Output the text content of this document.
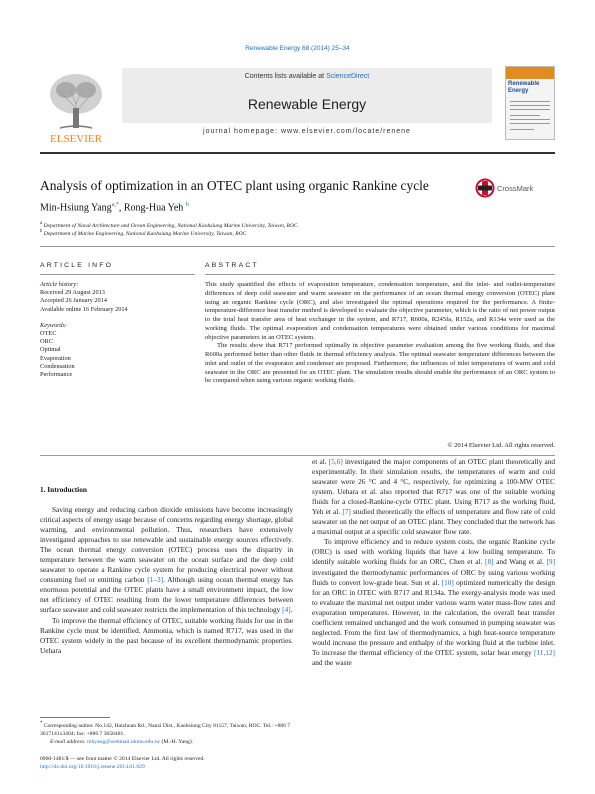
Renewable Energy 68 (2014) 25–34
ELSEVIER
Contents lists available at ScienceDirect
Renewable Energy
journal homepage: www.elsevier.com/locate/renene
Renewable Energy
Analysis of optimization in an OTEC plant using organic Rankine cycle	CrossMark
Min-Hsiung Yang$^{a,*}$, Rong-Hua Yeh $^b$
$^a$ Department of Naval Architecture and Ocean Engineering, National Kaohsiung Marine University, Taiwan, ROC
$^b$ Department of Marine Engineering, National Kaohsiung Marine University, Taiwan, ROC
ARTICLE INFO	ABSTRACT
Article history:
Received 29 August 2013
Accepted 26 January 2014
Available online 16 February 2014
Keywords:
OTEC
ORC
Optimal
Evaporation
Condensation
Performance

This study quantified the effects of evaporation temperature, condensation temperature, and the inlet- and outlet-temperature differences of deep cold seawater and warm seawater on the performance of an ocean thermal energy conversion (OTEC) plant using an organic Rankine cycle (ORC), and also investigated the optimal operations required for the performance. A finite-temperature-difference heat transfer method is developed to evaluate the objective parameter, which is the ratio of net power output to the total heat transfer area of heat exchanger in the system, and R717, R600a, R245fa, R152a, and R134a were used as the working fluids. The optimal evaporation and condensation temperatures were obtained under various conditions for maximal objective parameters in an OTEC system.

The results show that R717 performed optimally in objective parameter evaluation among the five working fluids, and that R600a performed better than other fluids in thermal efficiency analysis. The optimal seawater temperature differences between the inlet and outlet of the evaporator and condenser are proposed. Furthermore, the influences of inlet temperatures of warm and cold seawater in the ORC are presented for an OTEC plant. The simulation results should enable the performance of an ORC system to be compared when using various organic working fluids.

© 2014 Elsevier Ltd. All rights reserved.
1. Introduction

Saving energy and reducing carbon dioxide emissions have become increasingly critical aspects of energy usage because of concerns regarding energy shortage, global warming, and environmental pollution. Thus, researchers have extensively investigated approaches to use renewable and sustainable energy sources effectively. The ocean thermal energy conversion (OTEC) process uses the disparity in temperature between the warm seawater on the ocean surface and the deep cold seawater to operate a Rankine cycle system for producing electrical power without consuming fuel or emitting carbon [1–3]. Although using ocean thermal energy has enormous potential and the OTEC plants have a small environment impact, the low net efficiency of OTEC resulting from the lower temperature differences between surface seawater and cold seawater restricts the implementation of this technology [4].

To improve the thermal efficiency of OTEC, suitable working fluids for use in the Rankine cycle must be identified. Ammonia, which is named R717, was used in the OTEC system widely in the past because of its excellent thermodynamic properties. Uehara

et al. [5,6] investigated the major components of an OTEC plant theoretically and experimentally. In their simulation results, the temperatures of warm and cold seawater were 26 °C and 4 °C, respectively, for optimizing a 100-MW OTEC system. Uehara et al. also reported that R717 was one of the suitable working fluids for a closed-Rankine-cycle OTEC plant. Using R717 as the working fluid, Yeh et al. [7] studied theoretically the effects of temperature and flow rate of cold seawater on the net output of an OTEC plant. They concluded that the network has a maximal output at a specific cold seawater flow rate.

To improve efficiency and to reduce system costs, the organic Rankine cycle (ORC) is used with working liquids that have a low boiling temperature. To identify suitable working fluids for an ORC, Chen et al. [8] and Wang et al. [9] investigated the thermodynamic performances of ORC by using various working fluids to convert low-grade heat. Sun et al. [10] optimized numerically the design for an ORC in OTEC with R717 and R134a. The exergy-analysis mode was used to evaluate the maximal net output under various warm water mass-flow rates and evaporation temperatures. However, in the calculation, the overall heat transfer coefficient remained unchanged and the work consumed in pumping seawater was neglected. From the first law of thermodynamics, a high heat-source temperature would increase the pressure and enthalpy of the working fluid at the turbine inlet. To increase the thermal efficiency of the OTEC system, solar heat energy [11,12] and the waste

* Corresponding author. No.142, Haizhuan Rd., Nanzi Dist., Kaohsiung City 81157, Taiwan, ROC. Tel.: +886 7 3617141x3404; fax: +886 7 3656481.
E-mail address: mhyang@webmail.nkmu.edu.tw (M.-H. Yang).
0960-1481/$ — see front matter © 2014 Elsevier Ltd. All rights reserved.
http://dx.doi.org/10.1016/j.renene.2014.01.029
